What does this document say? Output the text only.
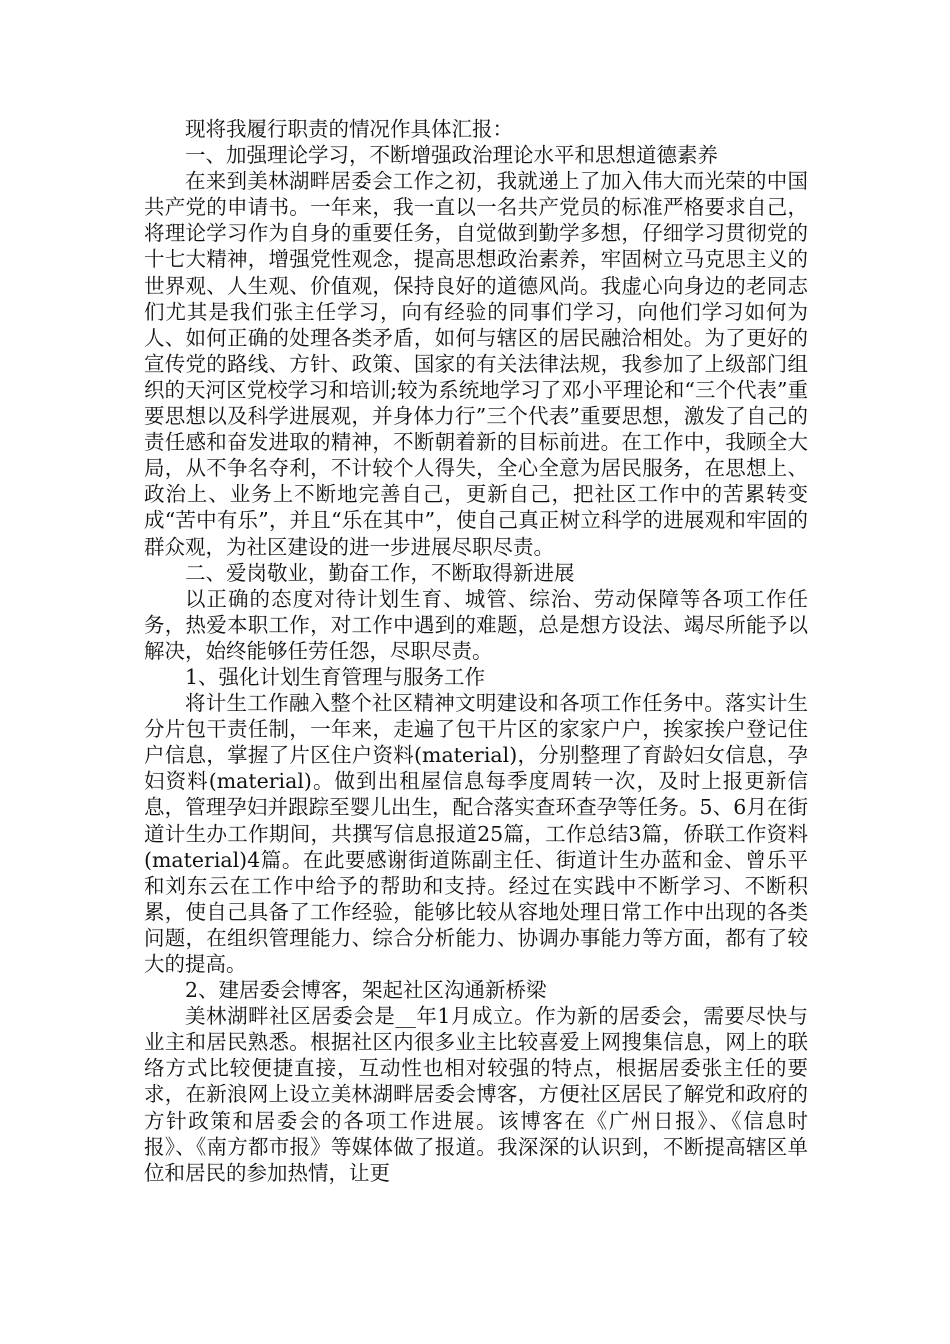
现将我履行职责的情况作具体汇报：

一、加强理论学习，不断增强政治理论水平和思想道德素养

在来到美林湖畔居委会工作之初，我就递上了加入伟大而光荣的中国共产党的申请书。一年来，我一直以一名共产党员的标准严格要求自己，将理论学习作为自身的重要任务，自觉做到勤学多想，仔细学习贯彻党的十七大精神，增强党性观念，提高思想政治素养，牢固树立马克思主义的世界观、人生观、价值观，保持良好的道德风尚。我虚心向身边的老同志们尤其是我们张主任学习，向有经验的同事们学习，向他们学习如何为人、如何正确的处理各类矛盾，如何与辖区的居民融洽相处。为了更好的宣传党的路线、方针、政策、国家的有关法律法规，我参加了上级部门组织的天河区党校学习和培训;较为系统地学习了邓小平理论和“三个代表”重要思想以及科学进展观，并身体力行”三个代表”重要思想，激发了自己的责任感和奋发进取的精神，不断朝着新的目标前进。在工作中，我顾全大局，从不争名夺利，不计较个人得失，全心全意为居民服务，在思想上、政治上、业务上不断地完善自己，更新自己，把社区工作中的苦累转变成“苦中有乐”，并且“乐在其中”，使自己真正树立科学的进展观和牢固的群众观，为社区建设的进一步进展尽职尽责。

二、爱岗敬业，勤奋工作，不断取得新进展

以正确的态度对待计划生育、城管、综治、劳动保障等各项工作任务，热爱本职工作，对工作中遇到的难题，总是想方设法、竭尽所能予以解决，始终能够任劳任怨，尽职尽责。

1、强化计划生育管理与服务工作

将计生工作融入整个社区精神文明建设和各项工作任务中。落实计生分片包干责任制，一年来，走遍了包干片区的家家户户，挨家挨户登记住户信息，掌握了片区住户资料(material)，分别整理了育龄妇女信息，孕妇资料(material)。做到出租屋信息每季度周转一次，及时上报更新信息，管理孕妇并跟踪至婴儿出生，配合落实查环查孕等任务。5、6月在街道计生办工作期间，共撰写信息报道25篇，工作总结3篇，侨联工作资料(material)4篇。在此要感谢街道陈副主任、街道计生办蓝和金、曾乐平和刘东云在工作中给予的帮助和支持。经过在实践中不断学习、不断积累，使自己具备了工作经验，能够比较从容地处理日常工作中出现的各类问题，在组织管理能力、综合分析能力、协调办事能力等方面，都有了较大的提高。

2、建居委会博客，架起社区沟通新桥梁

美林湖畔社区居委会是__年1月成立。作为新的居委会，需要尽快与业主和居民熟悉。根据社区内很多业主比较喜爱上网搜集信息，网上的联络方式比较便捷直接，互动性也相对较强的特点，根据居委张主任的要求，在新浪网上设立美林湖畔居委会博客，方便社区居民了解党和政府的方针政策和居委会的各项工作进展。该博客在《广州日报》、《信息时报》、《南方都市报》等媒体做了报道。我深深的认识到，不断提高辖区单位和居民的参加热情，让更
